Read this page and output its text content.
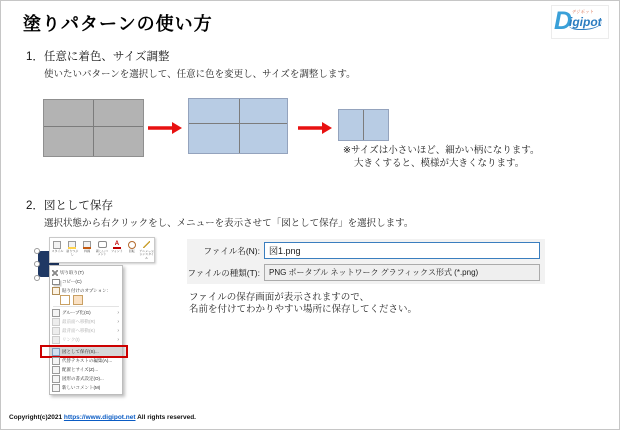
塗りパターンの使い方	D デジポット
igipot
1．任意に着色、サイズ調整
使いたいパターンを選択して、任意に色を変更し、サイズを調整します。
※サイズは小さいほど、細かい柄になります。
大きくすると、模様が大きくなります。
2．図として保存
選択状態から右クリックをし、メニューを表示させて「図として保存」を選択します。
スタイル 塗りつぶし
枠線	新しいコメント
A
フォント 回転 アニメーションスタイル
切り取り(T)
コピー(C)
貼り付けのオプション:
グループ化(G)	›
最前面へ移動(R)	›
最背面へ移動(K)	›
リンク(I)	›
図として保存(S)...
代替テキストの編集(A)...
配置とサイズ(Z)...
図形の書式設定(O)...
新しいコメント(M)
ファイル名(N):	図1.png
ファイルの種類(T):	PNG ポータブル ネットワーク グラフィックス形式 (*.png)
ファイルの保存画面が表示されますので、
名前を付けてわかりやすい場所に保存してください。
Copyright(c)2021 https://www.digipot.net All rights reserved.
